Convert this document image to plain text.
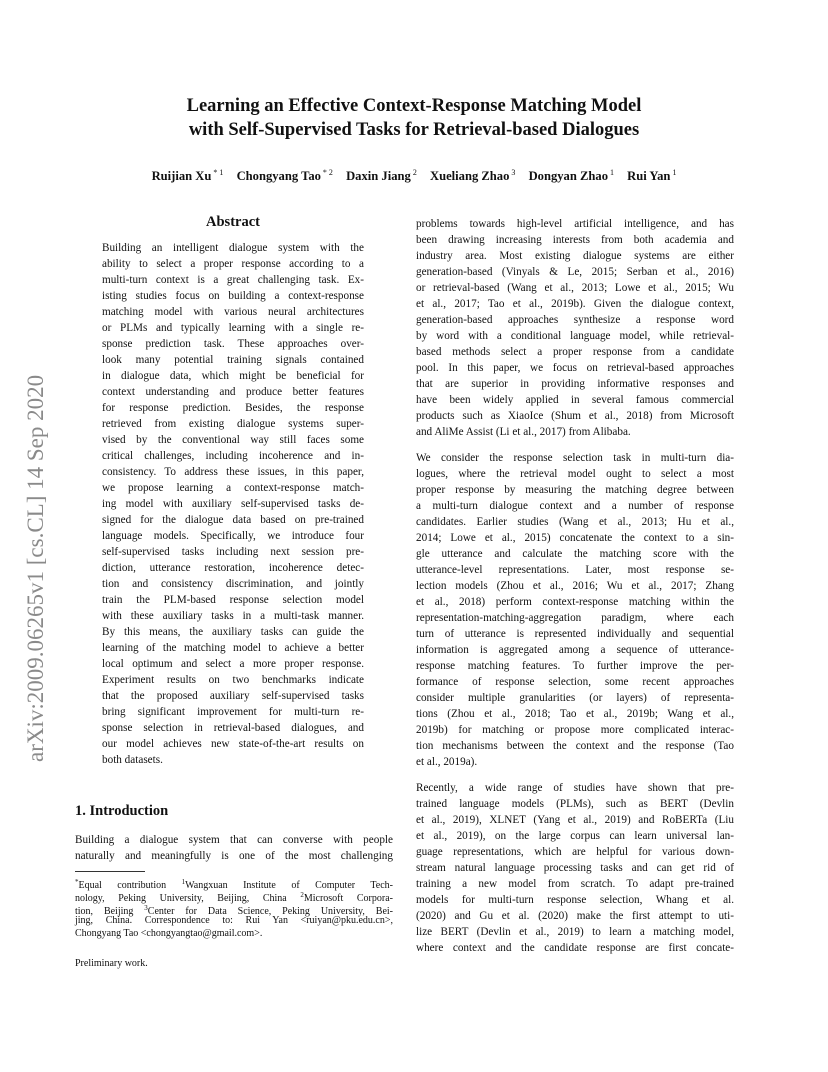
Learning an Effective Context-Response Matching Model
with Self-Supervised Tasks for Retrieval-based Dialogues
Ruijian Xu $^{* 1}$ Chongyang Tao $^{* 2}$ Daxin Jiang $^2$ Xueliang Zhao $^3$ Dongyan Zhao $^1$ Rui Yan $^1$
arXiv:2009.06265v1 [cs.CL] 14 Sep 2020
Abstract
Building an intelligent dialogue system with the
ability to select a proper response according to a
multi-turn context is a great challenging task. Ex-
isting studies focus on building a context-response
matching model with various neural architectures
or PLMs and typically learning with a single re-
sponse prediction task. These approaches over-
look many potential training signals contained
in dialogue data, which might be beneficial for
context understanding and produce better features
for response prediction. Besides, the response
retrieved from existing dialogue systems super-
vised by the conventional way still faces some
critical challenges, including incoherence and in-
consistency. To address these issues, in this paper,
we propose learning a context-response match-
ing model with auxiliary self-supervised tasks de-
signed for the dialogue data based on pre-trained
language models. Specifically, we introduce four
self-supervised tasks including next session pre-
diction, utterance restoration, incoherence detec-
tion and consistency discrimination, and jointly
train the PLM-based response selection model
with these auxiliary tasks in a multi-task manner.
By this means, the auxiliary tasks can guide the
learning of the matching model to achieve a better
local optimum and select a more proper response.
Experiment results on two benchmarks indicate
that the proposed auxiliary self-supervised tasks
bring significant improvement for multi-turn re-
sponse selection in retrieval-based dialogues, and
our model achieves new state-of-the-art results on
both datasets.
1. Introduction
Building a dialogue system that can converse with people
naturally and meaningfully is one of the most challenging
*Equal contribution $^1$Wangxuan Institute of Computer Tech-
nology, Peking University, Beijing, China $^2$Microsoft Corpora-
tion, Beijing $^3$Center for Data Science, Peking University, Bei-
jing, China. Correspondence to: Rui Yan <ruiyan@pku.edu.cn>,
Chongyang Tao <chongyangtao@gmail.com>.
Preliminary work.
problems towards high-level artificial intelligence, and has
been drawing increasing interests from both academia and
industry area. Most existing dialogue systems are either
generation-based (Vinyals & Le, 2015; Serban et al., 2016)
or retrieval-based (Wang et al., 2013; Lowe et al., 2015; Wu
et al., 2017; Tao et al., 2019b). Given the dialogue context,
generation-based approaches synthesize a response word
by word with a conditional language model, while retrieval-
based methods select a proper response from a candidate
pool. In this paper, we focus on retrieval-based approaches
that are superior in providing informative responses and
have been widely applied in several famous commercial
products such as XiaoIce (Shum et al., 2018) from Microsoft
and AliMe Assist (Li et al., 2017) from Alibaba.
We consider the response selection task in multi-turn dia-
logues, where the retrieval model ought to select a most
proper response by measuring the matching degree between
a multi-turn dialogue context and a number of response
candidates. Earlier studies (Wang et al., 2013; Hu et al.,
2014; Lowe et al., 2015) concatenate the context to a sin-
gle utterance and calculate the matching score with the
utterance-level representations. Later, most response se-
lection models (Zhou et al., 2016; Wu et al., 2017; Zhang
et al., 2018) perform context-response matching within the
representation-matching-aggregation paradigm, where each
turn of utterance is represented individually and sequential
information is aggregated among a sequence of utterance-
response matching features. To further improve the per-
formance of response selection, some recent approaches
consider multiple granularities (or layers) of representa-
tions (Zhou et al., 2018; Tao et al., 2019b; Wang et al.,
2019b) for matching or propose more complicated interac-
tion mechanisms between the context and the response (Tao
et al., 2019a).
Recently, a wide range of studies have shown that pre-
trained language models (PLMs), such as BERT (Devlin
et al., 2019), XLNET (Yang et al., 2019) and RoBERTa (Liu
et al., 2019), on the large corpus can learn universal lan-
guage representations, which are helpful for various down-
stream natural language processing tasks and can get rid of
training a new model from scratch. To adapt pre-trained
models for multi-turn response selection, Whang et al.
(2020) and Gu et al. (2020) make the first attempt to uti-
lize BERT (Devlin et al., 2019) to learn a matching model,
where context and the candidate response are first concate-
